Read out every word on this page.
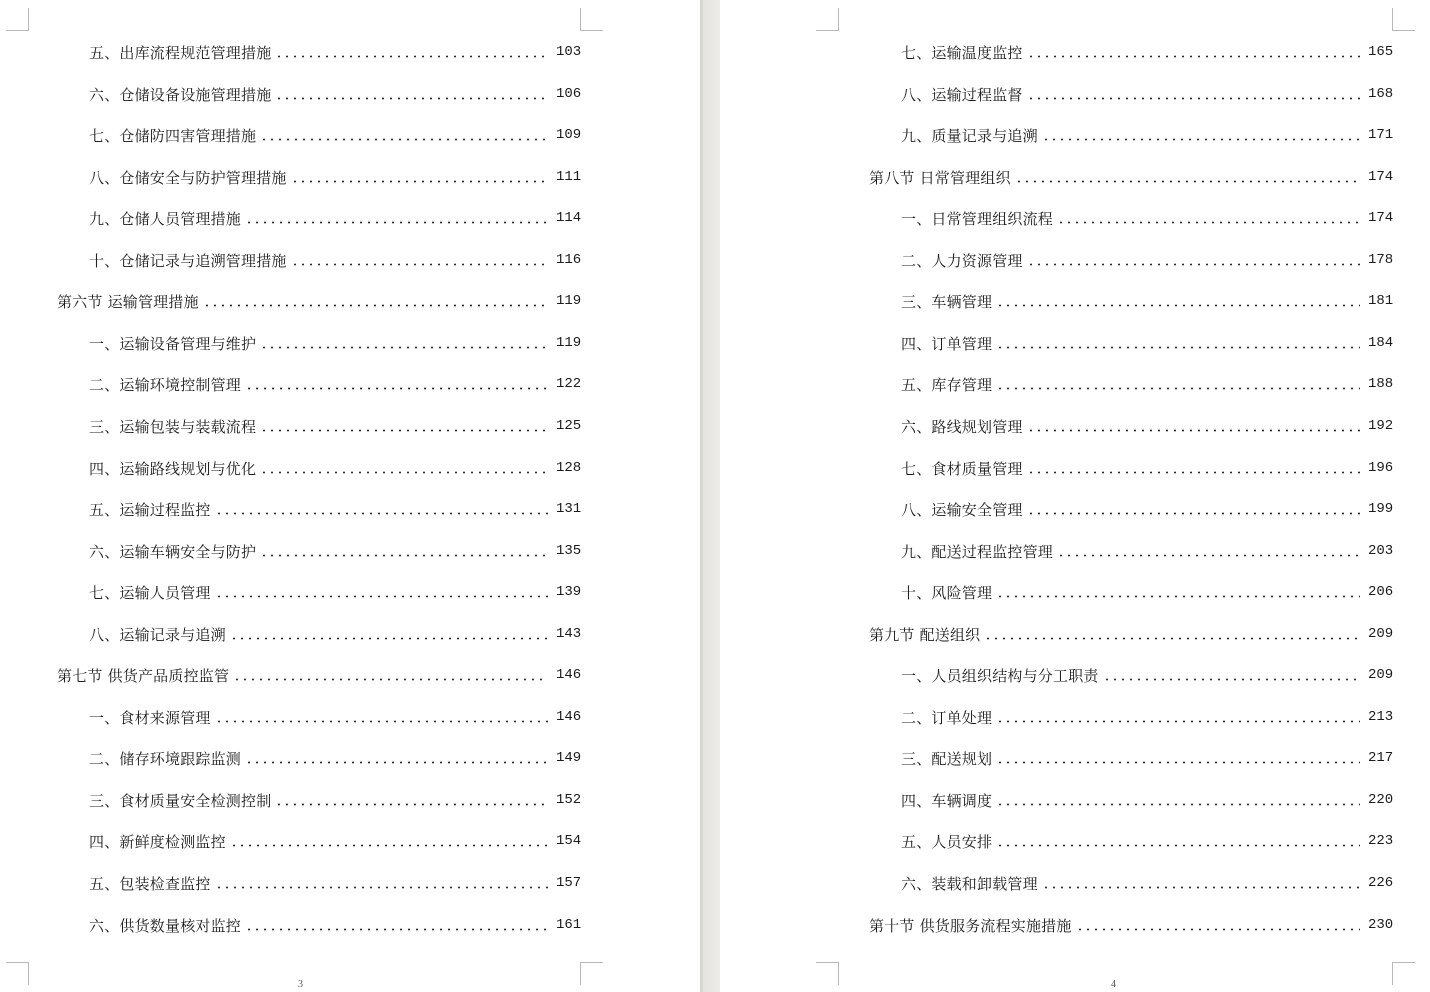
五、出库流程规范管理措施	103
六、仓储设备设施管理措施	106
七、仓储防四害管理措施	109
八、仓储安全与防护管理措施	111
九、仓储人员管理措施	114
十、仓储记录与追溯管理措施	116
第六节 运输管理措施	119
一、运输设备管理与维护	119
二、运输环境控制管理	122
三、运输包装与装载流程	125
四、运输路线规划与优化	128
五、运输过程监控	131
六、运输车辆安全与防护	135
七、运输人员管理	139
八、运输记录与追溯	143
第七节 供货产品质控监管	146
一、食材来源管理	146
二、储存环境跟踪监测	149
三、食材质量安全检测控制	152
四、新鲜度检测监控	154
五、包装检查监控	157
六、供货数量核对监控	161
3
七、运输温度监控	165
八、运输过程监督	168
九、质量记录与追溯	171
第八节 日常管理组织	174
一、日常管理组织流程	174
二、人力资源管理	178
三、车辆管理	181
四、订单管理	184
五、库存管理	188
六、路线规划管理	192
七、食材质量管理	196
八、运输安全管理	199
九、配送过程监控管理	203
十、风险管理	206
第九节 配送组织	209
一、人员组织结构与分工职责	209
二、订单处理	213
三、配送规划	217
四、车辆调度	220
五、人员安排	223
六、装载和卸载管理	226
第十节 供货服务流程实施措施	230
4
